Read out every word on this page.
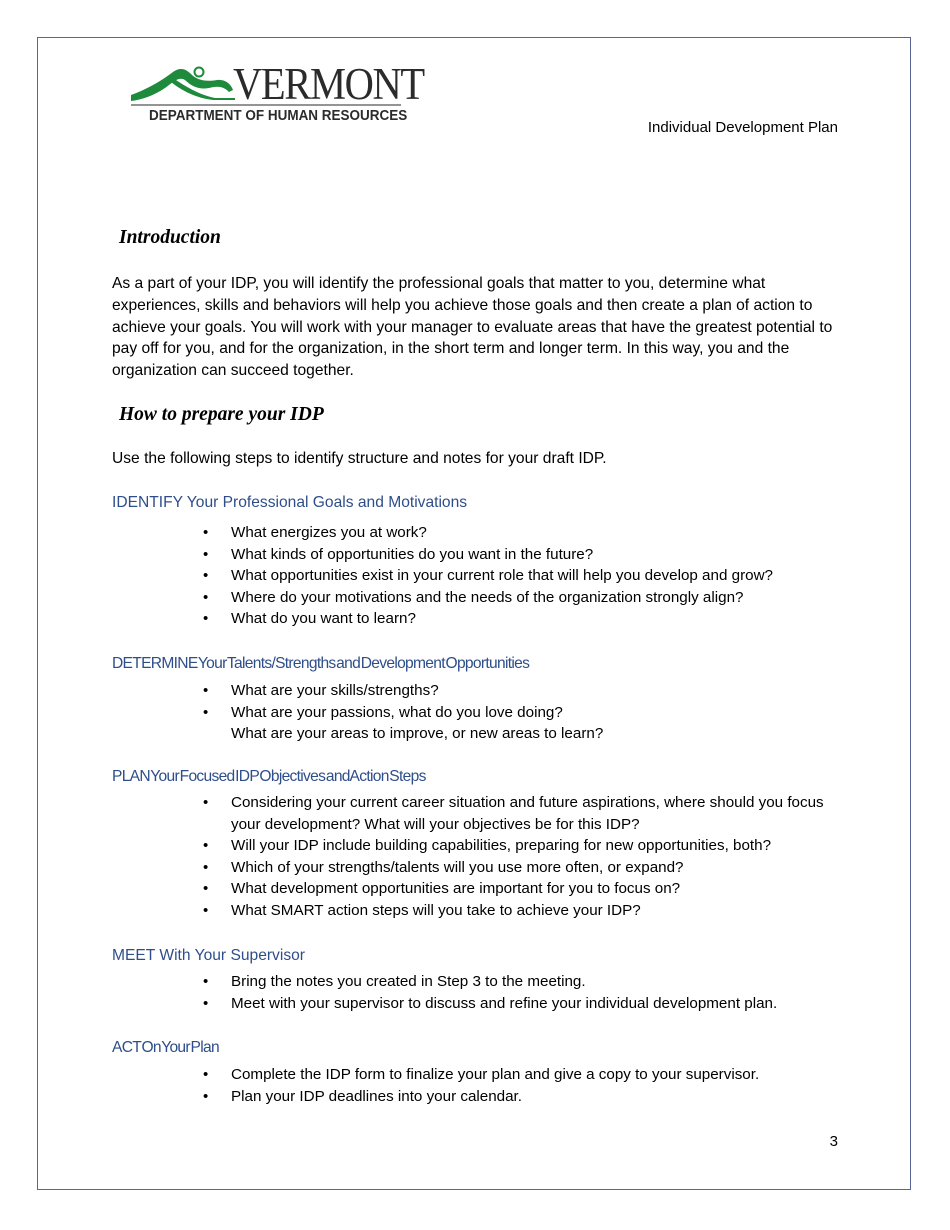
VERMONT
DEPARTMENT OF HUMAN RESOURCES
Individual Development Plan
Introduction
As a part of your IDP, you will identify the professional goals that matter to you, determine what experiences, skills and behaviors will help you achieve those goals and then create a plan of action to achieve your goals. You will work with your manager to evaluate areas that have the greatest potential to pay off for you, and for the organization, in the short term and longer term. In this way, you and the organization can succeed together.
How to prepare your IDP
Use the following steps to identify structure and notes for your draft IDP.
IDENTIFY Your Professional Goals and Motivations
• What energizes you at work?
• What kinds of opportunities do you want in the future?
• What opportunities exist in your current role that will help you develop and grow?
• Where do your motivations and the needs of the organization strongly align?
• What do you want to learn?
DETERMINE Your Talents/Strengths and Development Opportunities
• What are your skills/strengths?
• What are your passions, what do you love doing?
What are your areas to improve, or new areas to learn?
PLAN Your Focused IDP Objectives and Action Steps
• Considering your current career situation and future aspirations, where should you focus your development? What will your objectives be for this IDP?
• Will your IDP include building capabilities, preparing for new opportunities, both?
• Which of your strengths/talents will you use more often, or expand?
• What development opportunities are important for you to focus on?
• What SMART action steps will you take to achieve your IDP?
MEET With Your Supervisor
• Bring the notes you created in Step 3 to the meeting.
• Meet with your supervisor to discuss and refine your individual development plan.
ACT On Your Plan
• Complete the IDP form to finalize your plan and give a copy to your supervisor.
• Plan your IDP deadlines into your calendar.
3
